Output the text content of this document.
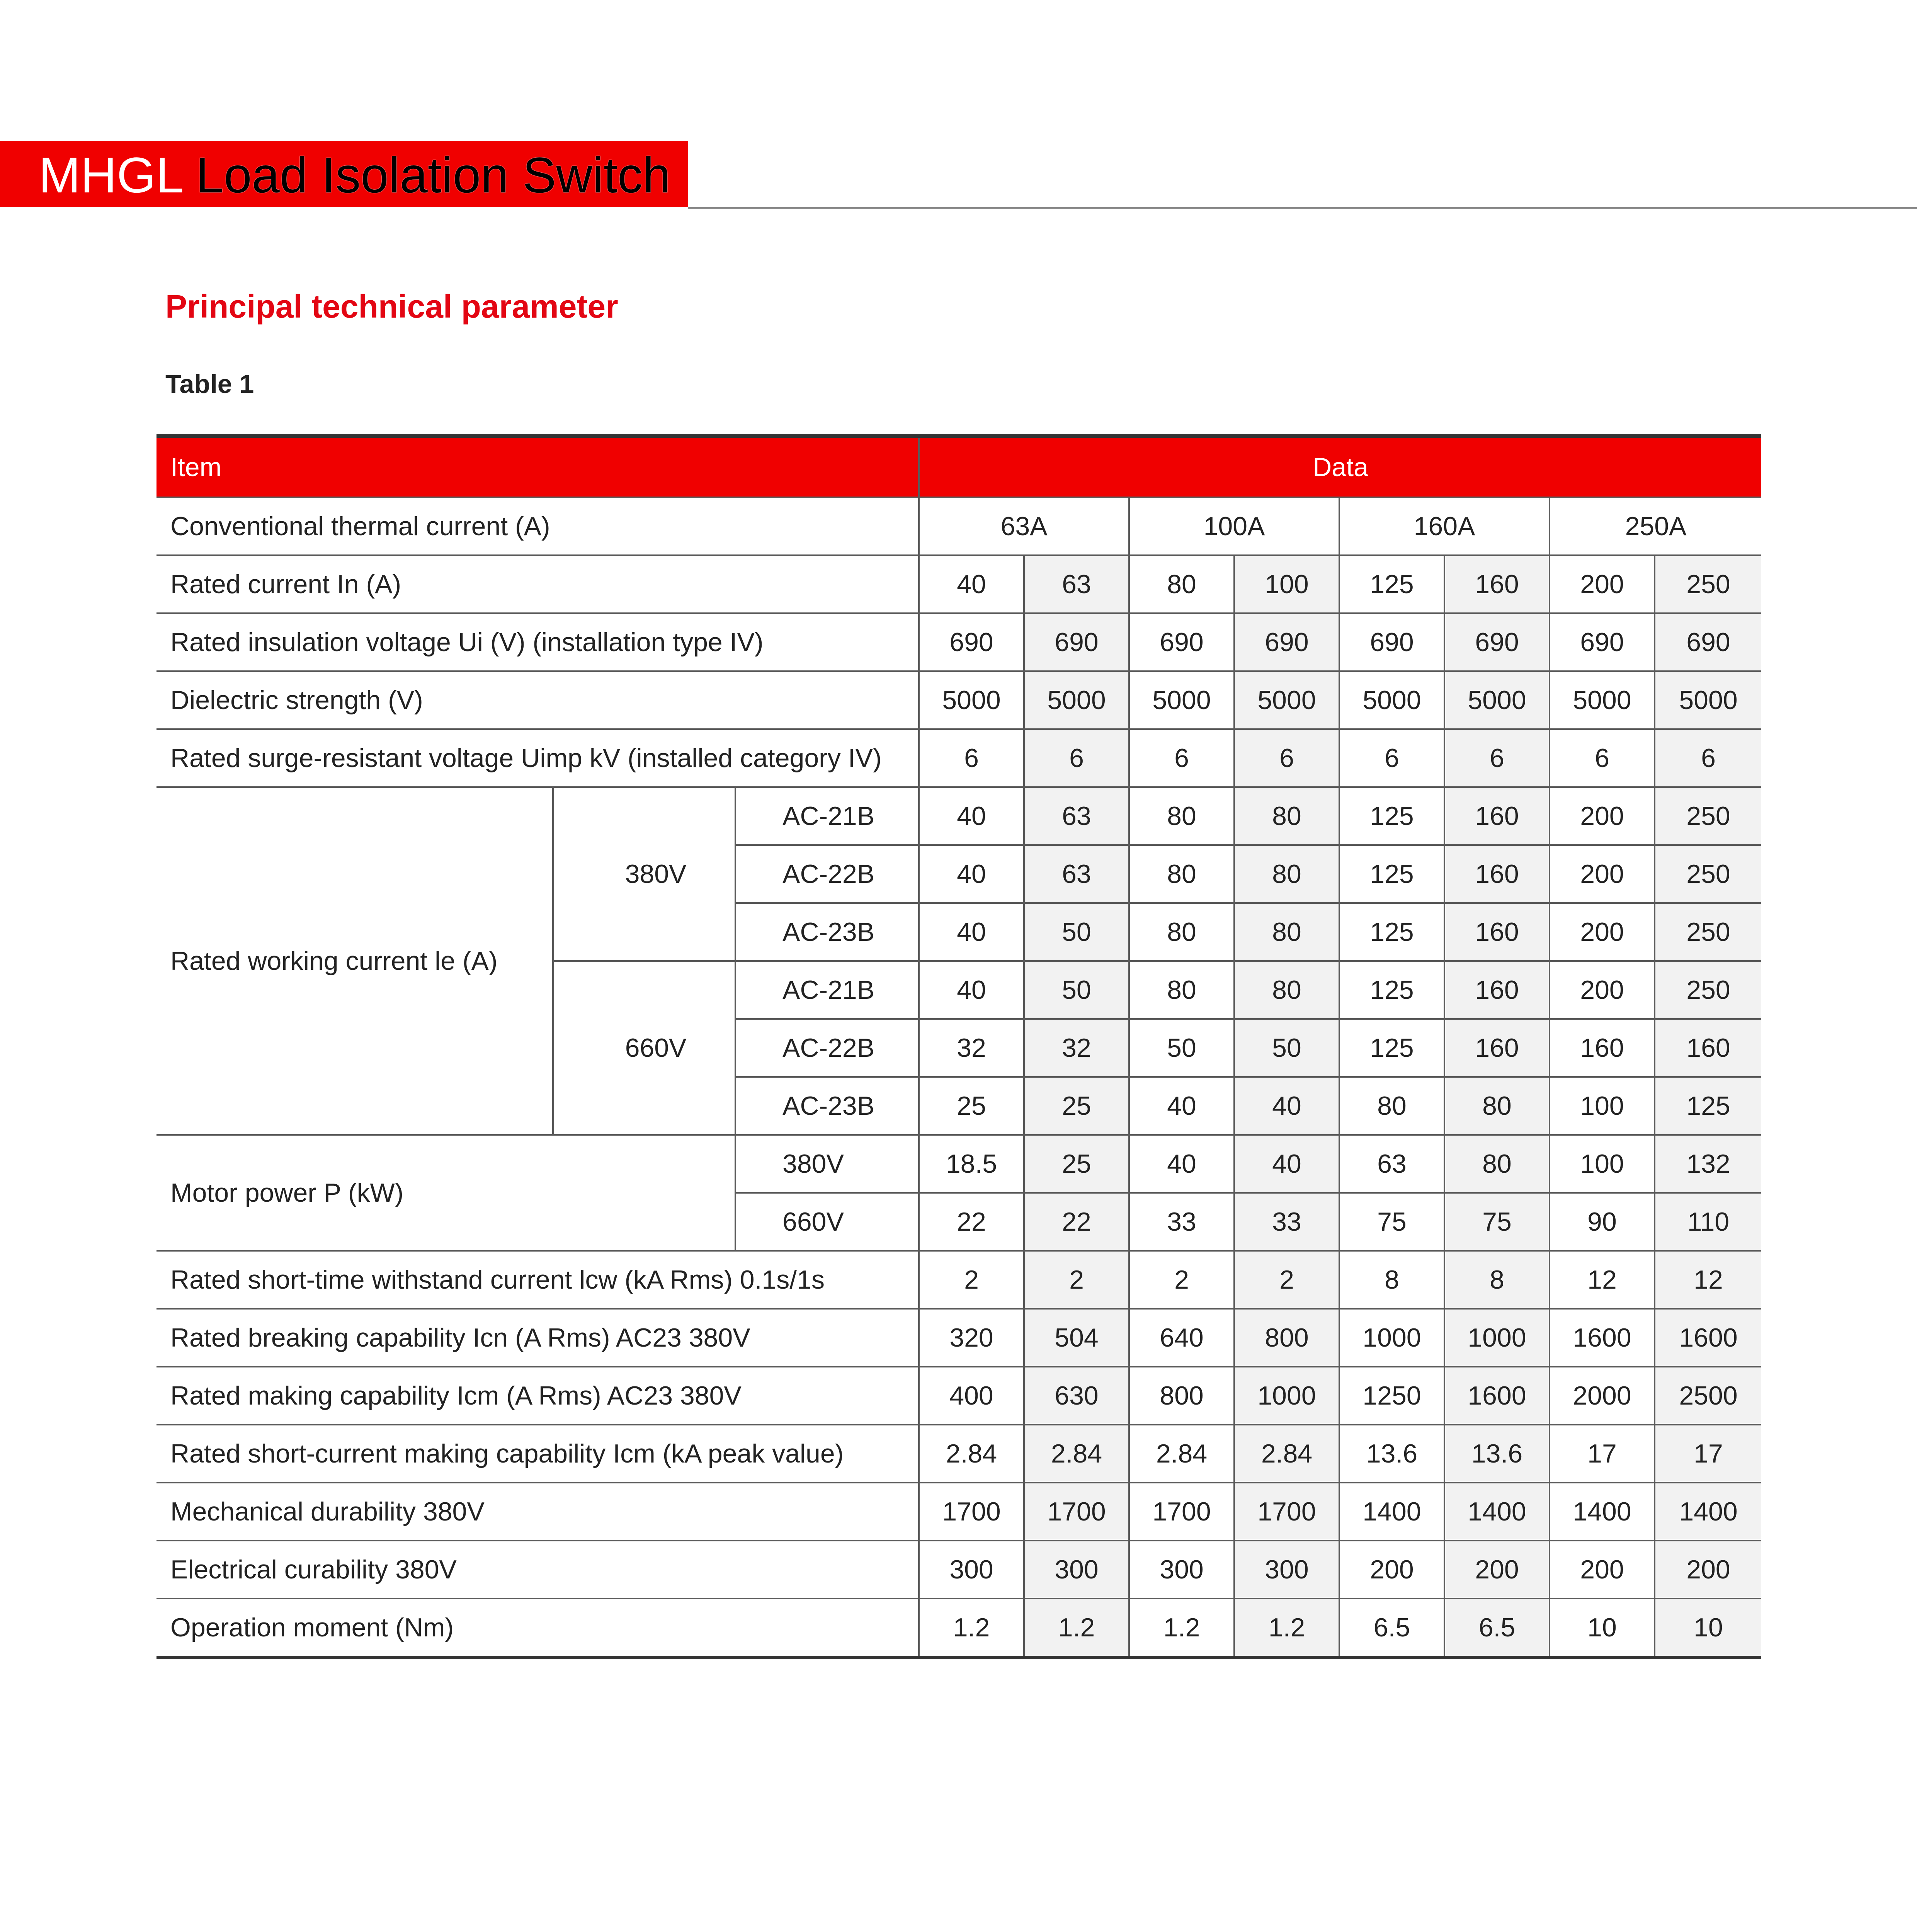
MHGL Load Isolation Switch
Principal technical parameter
Table 1
Item			Data							
Conventional thermal current (A)			63A		100A		160A		250A	
Rated current In (A)			40	63	80	100	125	160	200	250
Rated insulation voltage Ui (V) (installation type IV)			690	690	690	690	690	690	690	690
Dielectric strength (V)			5000	5000	5000	5000	5000	5000	5000	5000
Rated surge-resistant voltage Uimp kV (installed category IV)			6	6	6	6	6	6	6	6
Rated working current le (A)	380V	AC-21B	40	63	80	80	125	160	200	250
		AC-22B	40	63	80	80	125	160	200	250
		AC-23B	40	50	80	80	125	160	200	250
	660V	AC-21B	40	50	80	80	125	160	200	250
		AC-22B	32	32	50	50	125	160	160	160
		AC-23B	25	25	40	40	80	80	100	125
Motor power P (kW)		380V	18.5	25	40	40	63	80	100	132
		660V	22	22	33	33	75	75	90	110
Rated short-time withstand current lcw (kA Rms) 0.1s/1s			2	2	2	2	8	8	12	12
Rated breaking capability Icn (A Rms) AC23 380V			320	504	640	800	1000	1000	1600	1600
Rated making capability Icm (A Rms) AC23 380V			400	630	800	1000	1250	1600	2000	2500
Rated short-current making capability Icm (kA peak value)			2.84	2.84	2.84	2.84	13.6	13.6	17	17
Mechanical durability 380V			1700	1700	1700	1700	1400	1400	1400	1400
Electrical curability 380V			300	300	300	300	200	200	200	200
Operation moment (Nm)			1.2	1.2	1.2	1.2	6.5	6.5	10	10
